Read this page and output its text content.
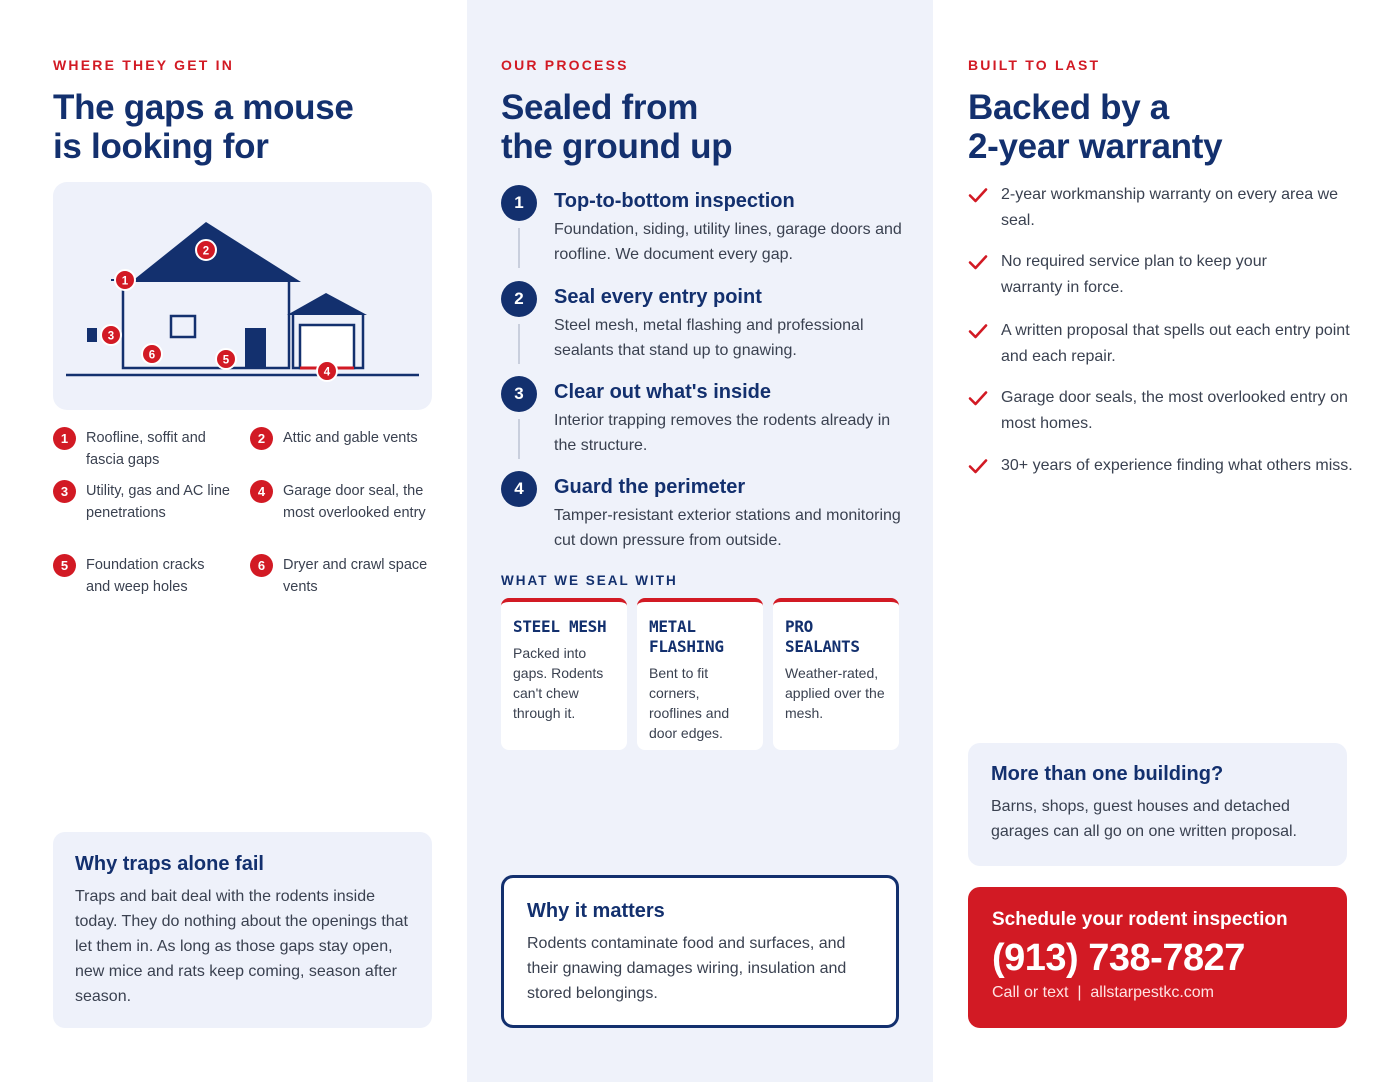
WHERE THEY GET IN
The gaps a mouse
is looking for
1
2
3
4
5
6
1	Roofline, soffit and fascia gaps
2	Attic and gable vents
3	Utility, gas and AC line penetrations
4	Garage door seal, the most overlooked entry
5	Foundation cracks and weep holes
6	Dryer and crawl space vents
Why traps alone fail
Traps and bait deal with the rodents inside today. They do nothing about the openings that let them in. As long as those gaps stay open, new mice and rats keep coming, season after season.
OUR PROCESS
Sealed from
the ground up
1	Top-to-bottom inspection
Foundation, siding, utility lines, garage doors and roofline. We document every gap.
2	Seal every entry point
Steel mesh, metal flashing and professional sealants that stand up to gnawing.
3	Clear out what's inside
Interior trapping removes the rodents already in the structure.
4	Guard the perimeter
Tamper-resistant exterior stations and monitoring cut down pressure from outside.
WHAT WE SEAL WITH
STEEL MESH
Packed into gaps. Rodents can't chew through it.
METAL FLASHING
Bent to fit corners, rooflines and door edges.
PRO SEALANTS
Weather-rated, applied over the mesh.
Why it matters
Rodents contaminate food and surfaces, and their gnawing damages wiring, insulation and stored belongings.
BUILT TO LAST
Backed by a
2-year warranty
2-year workmanship warranty on every area we seal.
No required service plan to keep your warranty in force.
A written proposal that spells out each entry point and each repair.
Garage door seals, the most overlooked entry on most homes.
30+ years of experience finding what others miss.
More than one building?
Barns, shops, guest houses and detached garages can all go on one written proposal.
Schedule your rodent inspection
(913) 738-7827
Call or text  |  allstarpestkc.com
